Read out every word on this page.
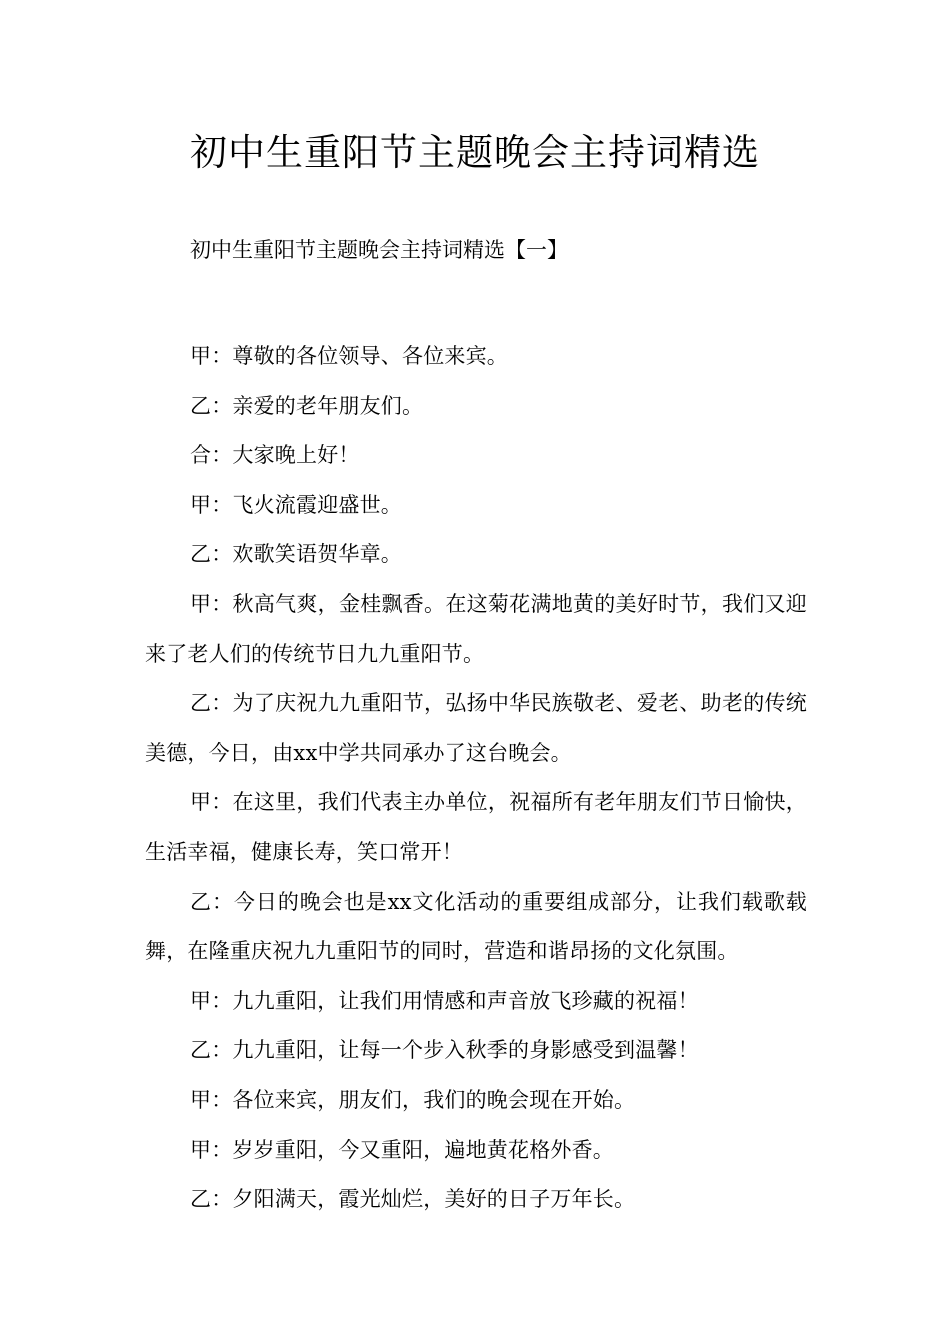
初中生重阳节主题晚会主持词精选
初中生重阳节主题晚会主持词精选【一】

甲：尊敬的各位领导、各位来宾。

乙：亲爱的老年朋友们。

合：大家晚上好！

甲：飞火流霞迎盛世。

乙：欢歌笑语贺华章。

甲：秋高气爽，金桂飘香。在这菊花满地黄的美好时节，我们又迎来了老人们的传统节日九九重阳节。

乙：为了庆祝九九重阳节，弘扬中华民族敬老、爱老、助老的传统美德，今日，由xx中学共同承办了这台晚会。

甲：在这里，我们代表主办单位，祝福所有老年朋友们节日愉快，生活幸福，健康长寿，笑口常开！

乙：今日的晚会也是xx文化活动的重要组成部分，让我们载歌载舞，在隆重庆祝九九重阳节的同时，营造和谐昂扬的文化氛围。

甲：九九重阳，让我们用情感和声音放飞珍藏的祝福！

乙：九九重阳，让每一个步入秋季的身影感受到温馨！

甲：各位来宾，朋友们，我们的晚会现在开始。

甲：岁岁重阳，今又重阳，遍地黄花格外香。

乙：夕阳满天，霞光灿烂，美好的日子万年长。
